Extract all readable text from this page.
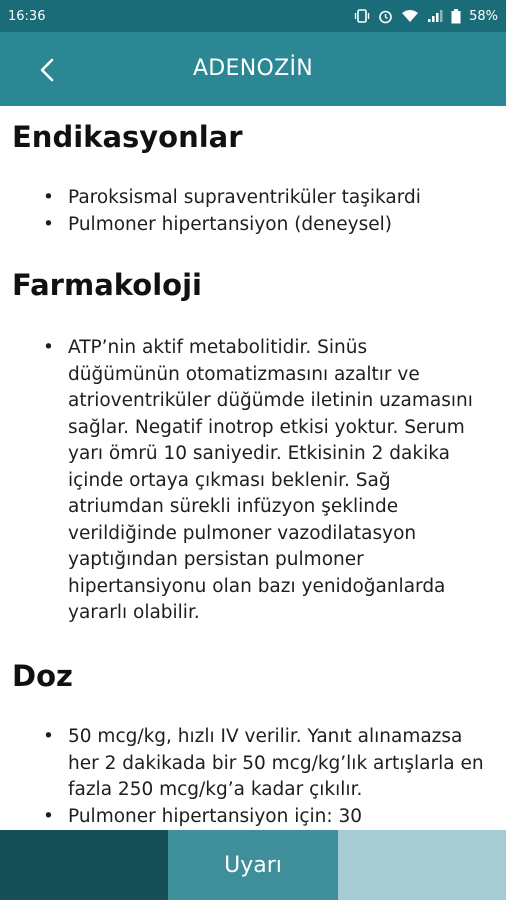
16:36	58%
ADENOZİN
Endikasyonlar
• Paroksismal supraventriküler taşikardi
• Pulmoner hipertansiyon (deneysel)
Farmakoloji
• ATP’nin aktif metabolitidir. Sinüs düğümünün otomatizmasını azaltır ve atrioventriküler düğümde iletinin uzamasını sağlar. Negatif inotrop etkisi yoktur. Serum yarı ömrü 10 saniyedir. Etkisinin 2 dakika içinde ortaya çıkması beklenir. Sağ atriumdan sürekli infüzyon şeklinde verildiğinde pulmoner vazodilatasyon yaptığından persistan pulmoner hipertansiyonu olan bazı yenidoğanlarda yararlı olabilir.
Doz
• 50 mcg/kg, hızlı IV verilir. Yanıt alınamazsa her 2 dakikada bir 50 mcg/kg’lık artışlarla en fazla 250 mcg/kg’a kadar çıkılır.
• Pulmoner hipertansiyon için: 30
Uyarı
